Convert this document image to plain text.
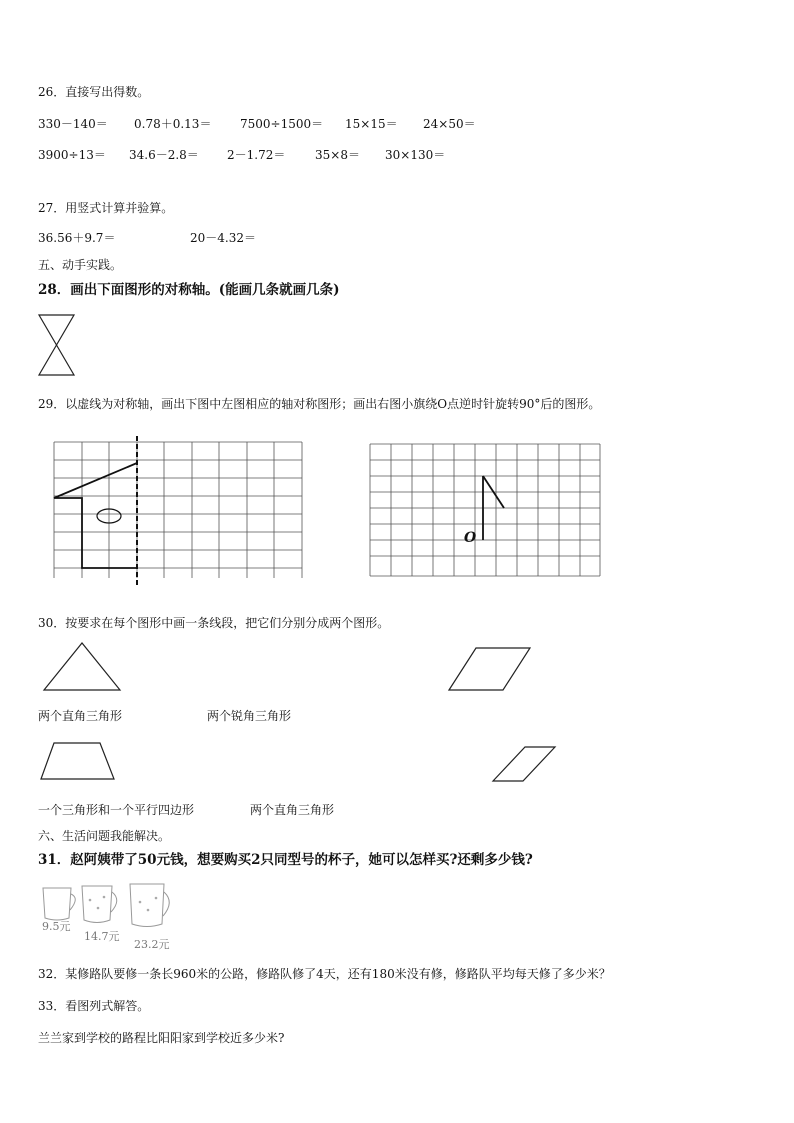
26．直接写出得数。
330－140＝ 0.78＋0.13＝ 7500÷1500＝ 15×15＝ 24×50＝
3900÷13＝ 34.6－2.8＝ 2－1.72＝ 35×8＝ 30×130＝
27．用竖式计算并验算。
36.56＋9.7＝	20－4.32＝
五、动手实践。
28．画出下面图形的对称轴。(能画几条就画几条)
29．以虚线为对称轴，画出下图中左图相应的轴对称图形；画出右图小旗绕O点逆时针旋转90°后的图形。
O
30．按要求在每个图形中画一条线段，把它们分别分成两个图形。
两个直角三角形	两个锐角三角形
一个三角形和一个平行四边形	两个直角三角形
六、生活问题我能解决。
31．赵阿姨带了50元钱，想要购买2只同型号的杯子，她可以怎样买?还剩多少钱?
9.5元
14.7元
23.2元
32．某修路队要修一条长960米的公路，修路队修了4天，还有180米没有修，修路队平均每天修了多少米？
33．看图列式解答。
兰兰家到学校的路程比阳阳家到学校近多少米?
